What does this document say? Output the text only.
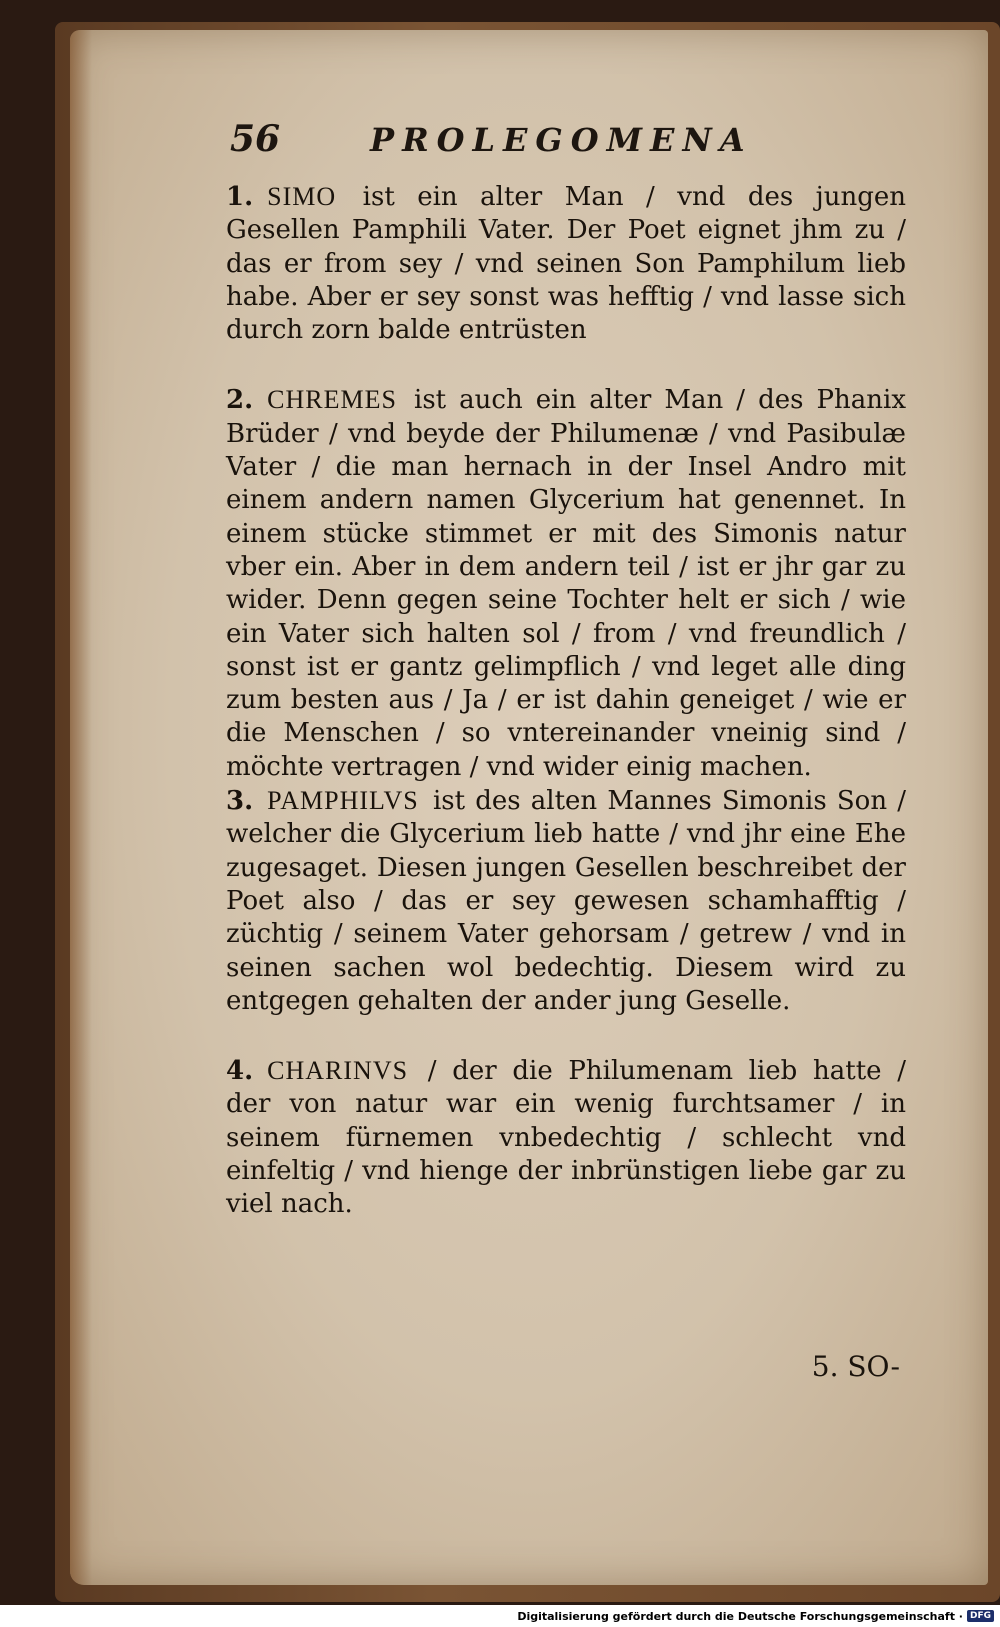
56	PROLEGOMENA

1. SIMO ist ein alter Man / vnd des jungen Gesellen Pamphili Vater. Der Poet eignet jhm zu / das er from sey / vnd seinen Son Pamphilum lieb habe. Aber er sey sonst was hefftig / vnd lasse sich durch zorn balde entrüsten

2. CHREMES ist auch ein alter Man / des Phanix Brüder / vnd beyde der Philumenæ / vnd Pasibulæ Vater / die man hernach in der Insel Andro mit einem andern namen Glycerium hat genennet. In einem stücke stimmet er mit des Simonis natur vber ein. Aber in dem andern teil / ist er jhr gar zu wider. Denn gegen seine Tochter helt er sich / wie ein Vater sich halten sol / from / vnd freundlich / sonst ist er gantz gelimpflich / vnd leget alle ding zum besten aus / Ja / er ist dahin geneiget / wie er die Menschen / so vntereinander vneinig sind / möchte vertragen / vnd wider einig machen.

3. PAMPHILVS ist des alten Mannes Simonis Son / welcher die Glycerium lieb hatte / vnd jhr eine Ehe zugesaget. Diesen jungen Gesellen beschreibet der Poet also / das er sey gewesen schamhafftig / züchtig / seinem Vater gehorsam / getrew / vnd in seinen sachen wol bedechtig. Diesem wird zu entgegen gehalten der ander jung Geselle.

4. CHARINVS / der die Philumenam lieb hatte / der von natur war ein wenig furchtsamer / in seinem fürnemen vnbedechtig / schlecht vnd einfeltig / vnd hienge der inbrünstigen liebe gar zu viel nach.

5. SO-
Digitalisierung gefördert durch die Deutsche Forschungsgemeinschaft · DFG
